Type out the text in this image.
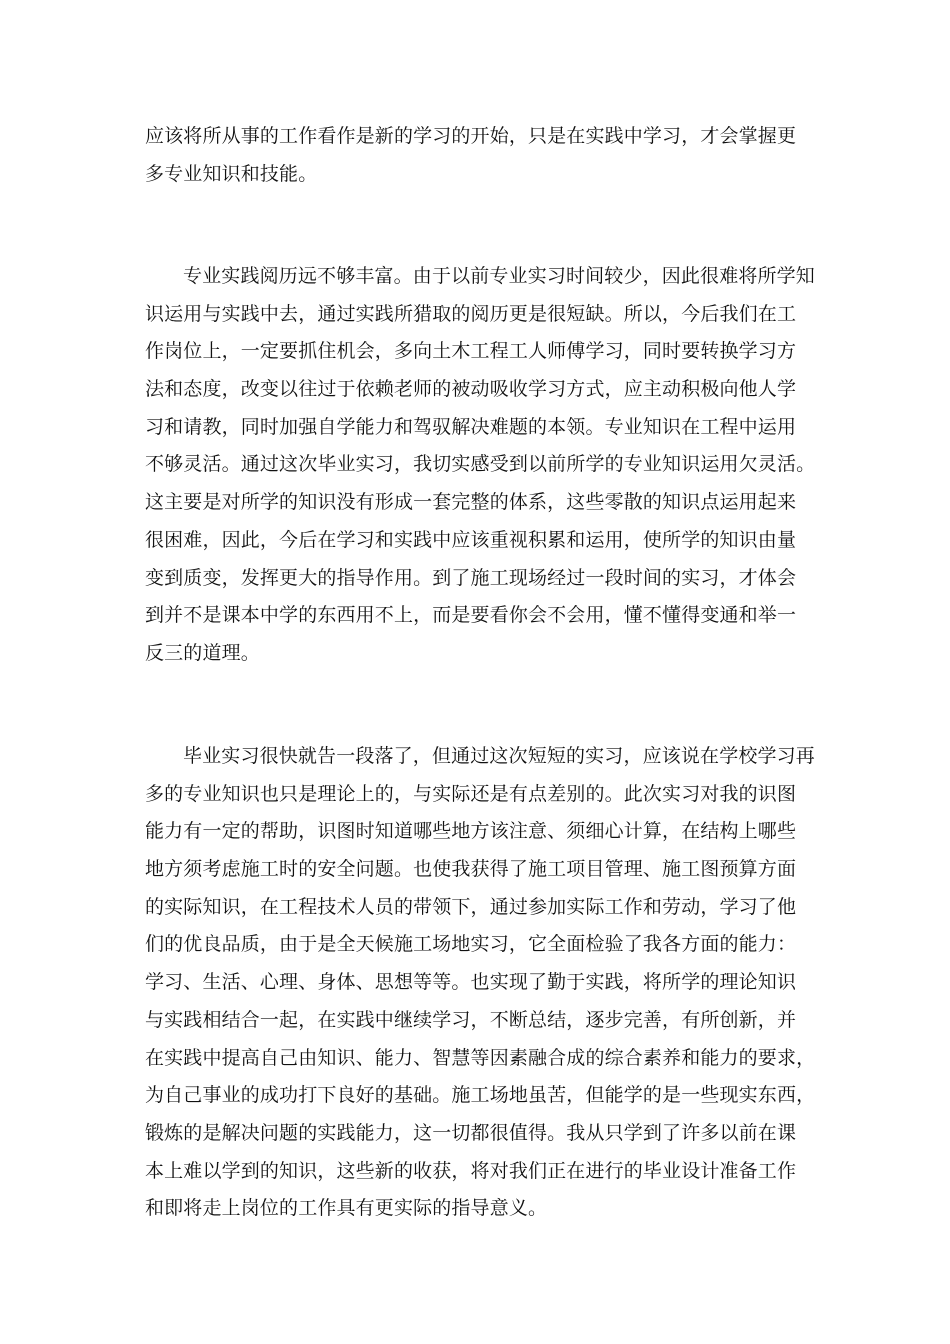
应该将所从事的工作看作是新的学习的开始，只是在实践中学习，才会掌握更
多专业知识和技能。
专业实践阅历远不够丰富。由于以前专业实习时间较少，因此很难将所学知
识运用与实践中去，通过实践所猎取的阅历更是很短缺。所以，今后我们在工
作岗位上，一定要抓住机会，多向土木工程工人师傅学习，同时要转换学习方
法和态度，改变以往过于依赖老师的被动吸收学习方式，应主动积极向他人学
习和请教，同时加强自学能力和驾驭解决难题的本领。专业知识在工程中运用
不够灵活。通过这次毕业实习，我切实感受到以前所学的专业知识运用欠灵活。
这主要是对所学的知识没有形成一套完整的体系，这些零散的知识点运用起来
很困难，因此，今后在学习和实践中应该重视积累和运用，使所学的知识由量
变到质变，发挥更大的指导作用。到了施工现场经过一段时间的实习，才体会
到并不是课本中学的东西用不上，而是要看你会不会用，懂不懂得变通和举一
反三的道理。
毕业实习很快就告一段落了，但通过这次短短的实习，应该说在学校学习再
多的专业知识也只是理论上的，与实际还是有点差别的。此次实习对我的识图
能力有一定的帮助，识图时知道哪些地方该注意、须细心计算，在结构上哪些
地方须考虑施工时的安全问题。也使我获得了施工项目管理、施工图预算方面
的实际知识，在工程技术人员的带领下，通过参加实际工作和劳动，学习了他
们的优良品质，由于是全天候施工场地实习，它全面检验了我各方面的能力：
学习、生活、心理、身体、思想等等。也实现了勤于实践，将所学的理论知识
与实践相结合一起，在实践中继续学习，不断总结，逐步完善，有所创新，并
在实践中提高自己由知识、能力、智慧等因素融合成的综合素养和能力的要求，
为自己事业的成功打下良好的基础。施工场地虽苦，但能学的是一些现实东西，
锻炼的是解决问题的实践能力，这一切都很值得。我从只学到了许多以前在课
本上难以学到的知识，这些新的收获，将对我们正在进行的毕业设计准备工作
和即将走上岗位的工作具有更实际的指导意义。
